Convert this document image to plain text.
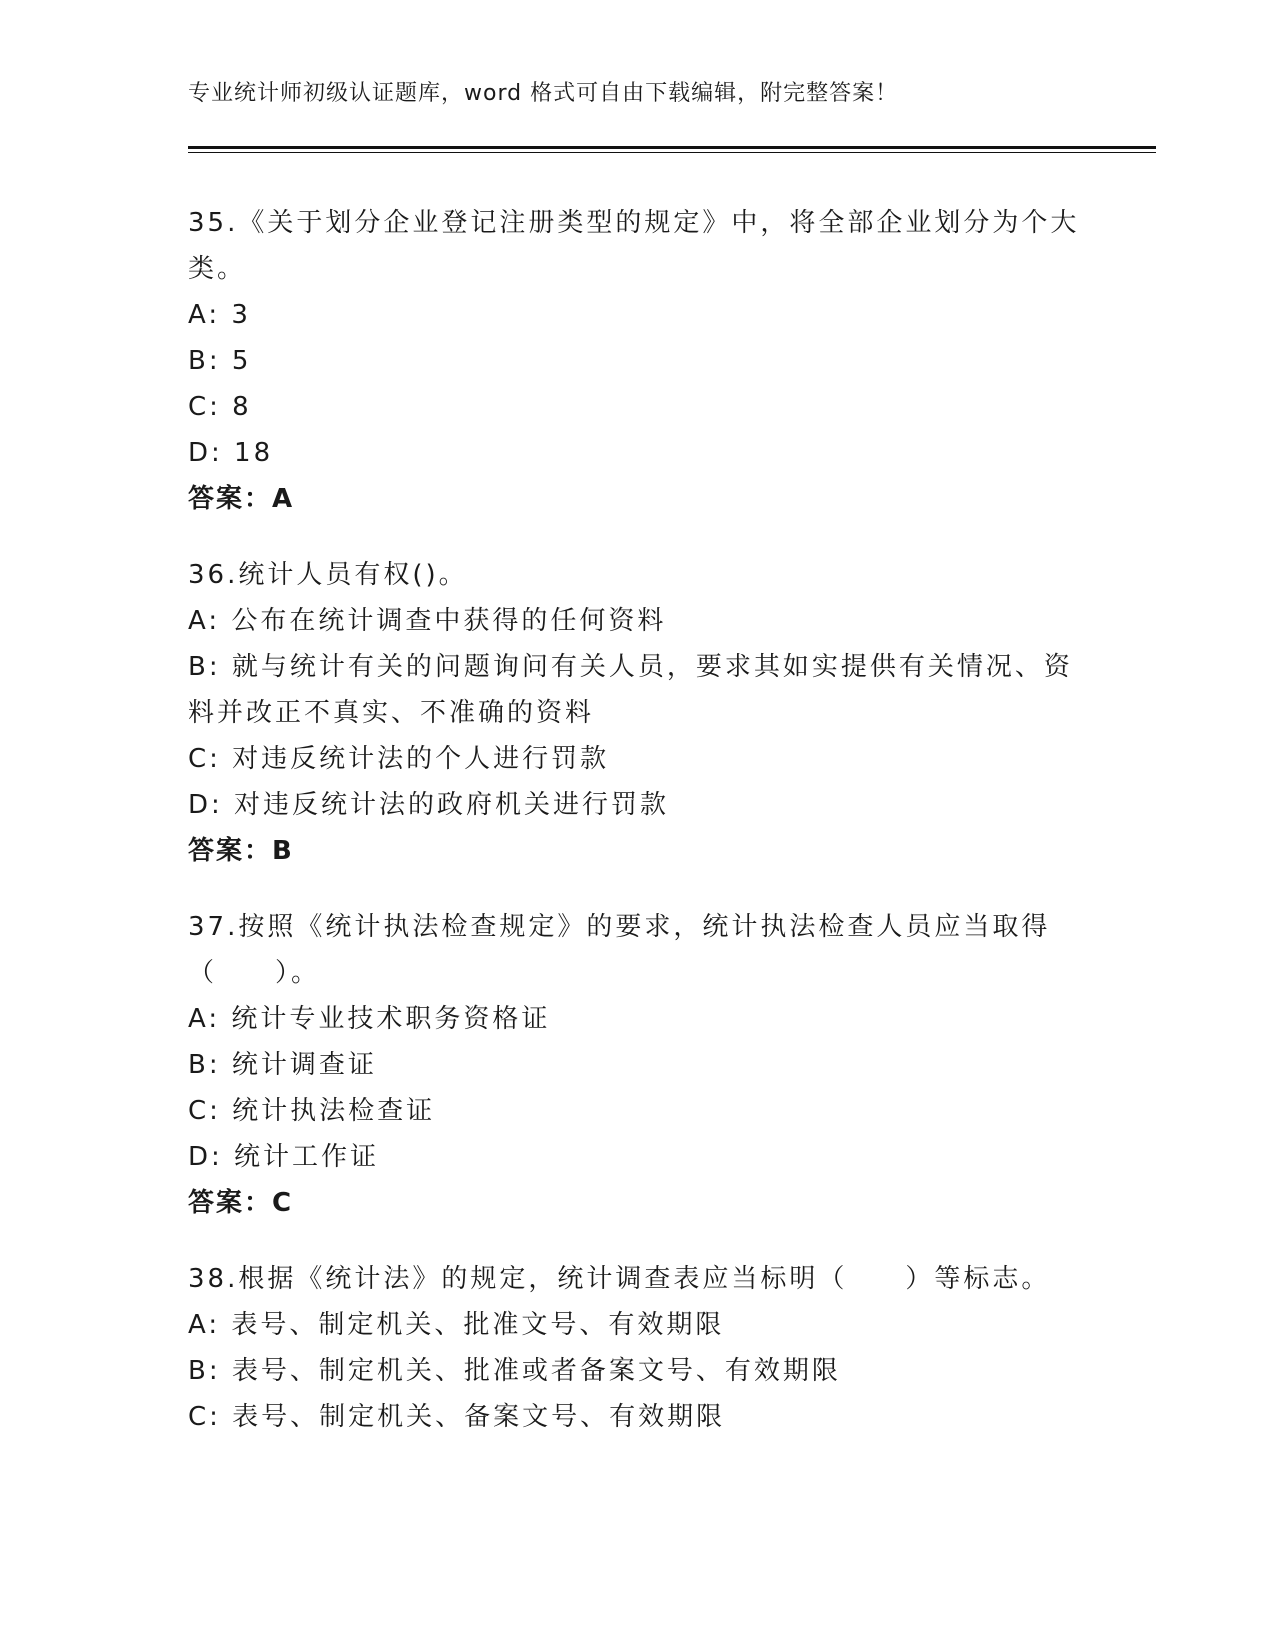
专业统计师初级认证题库，word 格式可自由下载编辑，附完整答案！

35.《关于划分企业登记注册类型的规定》中，将全部企业划分为个大类。

A: 3

B: 5

C: 8

D: 18

答案：A

36.统计人员有权()。

A: 公布在统计调查中获得的任何资料

B: 就与统计有关的问题询问有关人员，要求其如实提供有关情况、资料并改正不真实、不准确的资料

C: 对违反统计法的个人进行罚款

D: 对违反统计法的政府机关进行罚款

答案：B

37.按照《统计执法检查规定》的要求，统计执法检查人员应当取得（　　）。

A: 统计专业技术职务资格证

B: 统计调查证

C: 统计执法检查证

D: 统计工作证

答案：C

38.根据《统计法》的规定，统计调查表应当标明（　　）等标志。

A: 表号、制定机关、批准文号、有效期限

B: 表号、制定机关、批准或者备案文号、有效期限

C: 表号、制定机关、备案文号、有效期限
